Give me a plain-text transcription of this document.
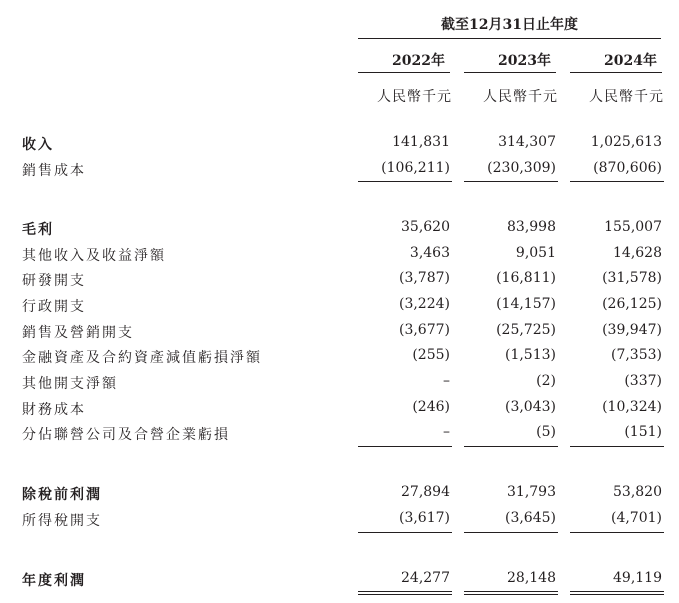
截至12月31日止年度
2022年	2023年	2024年
人民幣千元	人民幣千元	人民幣千元
收入	141,831	314,307	1,025,613
銷售成本	(106,211)	(230,309)	(870,606)
毛利	35,620	83,998	155,007
其他收入及收益淨額	3,463	9,051	14,628
研發開支	(3,787)	(16,811)	(31,578)
行政開支	(3,224)	(14,157)	(26,125)
銷售及營銷開支	(3,677)	(25,725)	(39,947)
金融資產及合約資產減值虧損淨額	(255)	(1,513)	(7,353)
其他開支淨額	–	(2)	(337)
財務成本	(246)	(3,043)	(10,324)
分佔聯營公司及合營企業虧損	–	(5)	(151)
除稅前利潤	27,894	31,793	53,820
所得稅開支	(3,617)	(3,645)	(4,701)
年度利潤	24,277	28,148	49,119
